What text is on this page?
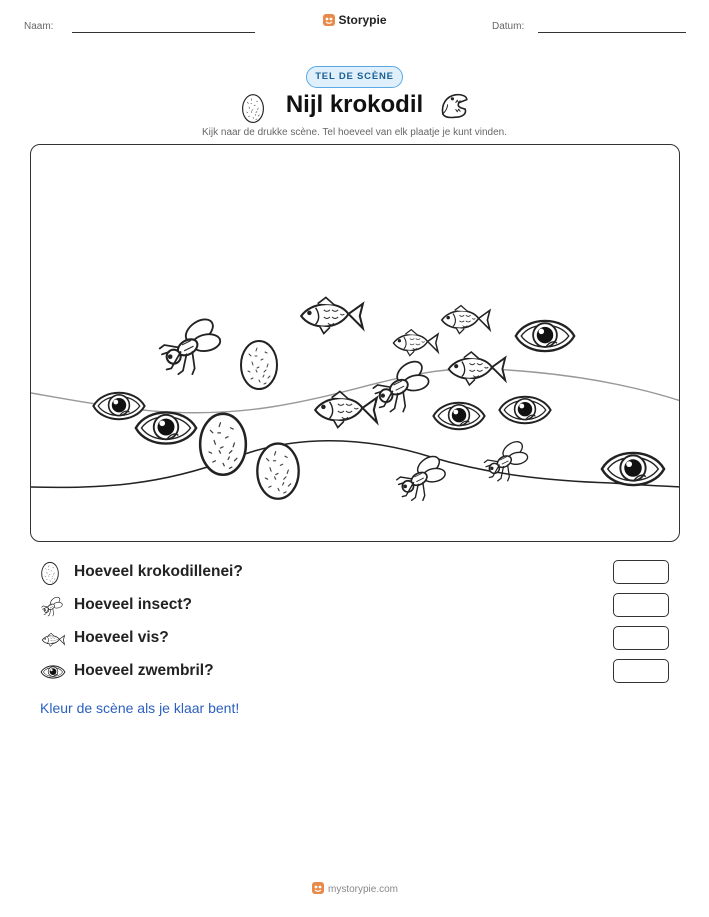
Naam:	Storypie	Datum:
TEL DE SCÈNE
Nijl krokodil
Kijk naar de drukke scène. Tel hoeveel van elk plaatje je kunt vinden.
Hoeveel krokodillenei?
Hoeveel insect?
Hoeveel vis?
Hoeveel zwembril?
Kleur de scène als je klaar bent!
mystorypie.com
